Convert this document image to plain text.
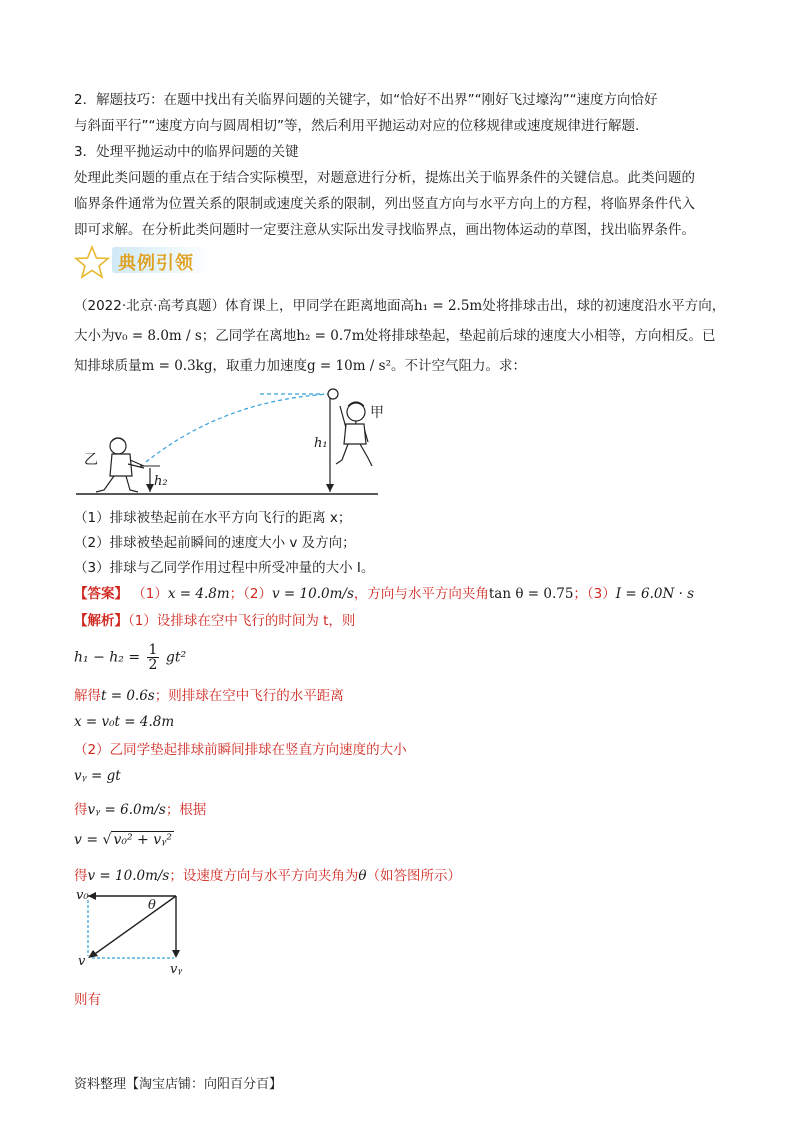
2．解题技巧：在题中找出有关临界问题的关键字，如“恰好不出界”“刚好飞过壕沟”“速度方向恰好
与斜面平行”“速度方向与圆周相切”等，然后利用平抛运动对应的位移规律或速度规律进行解题.
3．处理平抛运动中的临界问题的关键
处理此类问题的重点在于结合实际模型，对题意进行分析，提炼出关于临界条件的关键信息。此类问题的
临界条件通常为位置关系的限制或速度关系的限制，列出竖直方向与水平方向上的方程，将临界条件代入
即可求解。在分析此类问题时一定要注意从实际出发寻找临界点，画出物体运动的草图，找出临界条件。
典例引领
（2022·北京·高考真题）体育课上，甲同学在距离地面高h₁ = 2.5m处将排球击出，球的初速度沿水平方向，
大小为v₀ = 8.0m / s；乙同学在离地h₂ = 0.7m处将排球垫起，垫起前后球的速度大小相等，方向相反。已
知排球质量m = 0.3kg，取重力加速度g = 10m / s²。不计空气阻力。求：
乙
甲
h₁
h₂
（1）排球被垫起前在水平方向飞行的距离 x；
（2）排球被垫起前瞬间的速度大小 v 及方向；
（3）排球与乙同学作用过程中所受冲量的大小 I。
【答案】 （1）x = 4.8m；（2）v = 10.0m/s，方向与水平方向夹角tan θ = 0.75；（3）I = 6.0N · s
【解析】（1）设排球在空中飞行的时间为 t，则
$h_1 - h_2 = \frac{1}{2} gt^2$
解得t = 0.6s；则排球在空中飞行的水平距离
x = v₀t = 4.8m
（2）乙同学垫起排球前瞬间排球在竖直方向速度的大小
vᵧ = gt
得vᵧ = 6.0m/s；根据
v = √ v₀² + vᵧ²
得v = 10.0m/s；设速度方向与水平方向夹角为θ（如答图所示）
v₀
θ
v
vᵧ
则有
资料整理【淘宝店铺：向阳百分百】
